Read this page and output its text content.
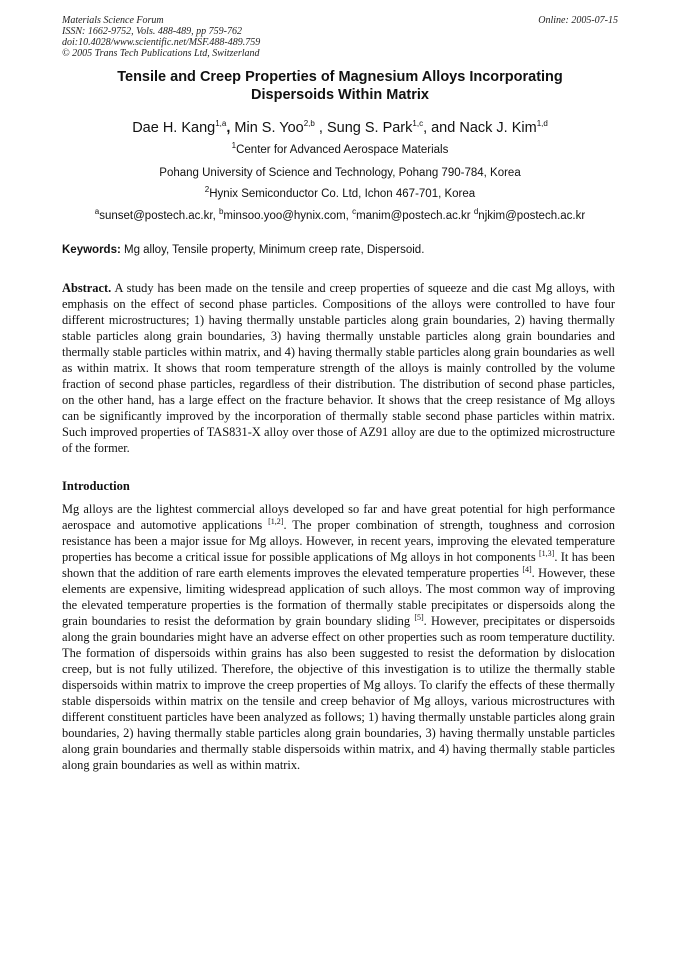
Materials Science Forum
ISSN: 1662-9752, Vols. 488-489, pp 759-762
doi:10.4028/www.scientific.net/MSF.488-489.759
© 2005 Trans Tech Publications Ltd, Switzerland
Online: 2005-07-15
Tensile and Creep Properties of Magnesium Alloys Incorporating
Dispersoids Within Matrix
Dae H. Kang$^{1,a}$, Min S. Yoo$^{2,b}$ , Sung S. Park$^{1,c}$, and Nack J. Kim$^{1,d}$
$^1$Center for Advanced Aerospace Materials
Pohang University of Science and Technology, Pohang 790-784, Korea
$^2$Hynix Semiconductor Co. Ltd, Ichon 467-701, Korea
$^a$sunset@postech.ac.kr, $^b$minsoo.yoo@hynix.com, $^c$manim@postech.ac.kr $^d$njkim@postech.ac.kr
Keywords: Mg alloy, Tensile property, Minimum creep rate, Dispersoid.
Abstract. A study has been made on the tensile and creep properties of squeeze and die cast Mg alloys, with emphasis on the effect of second phase particles. Compositions of the alloys were controlled to have four different microstructures; 1) having thermally unstable particles along grain boundaries, 2) having thermally stable particles along grain boundaries, 3) having thermally unstable particles along grain boundaries and thermally stable particles within matrix, and 4) having thermally stable particles along grain boundaries as well as within matrix. It shows that room temperature strength of the alloys is mainly controlled by the volume fraction of second phase particles, regardless of their distribution. The distribution of second phase particles, on the other hand, has a large effect on the fracture behavior. It shows that the creep resistance of Mg alloys can be significantly improved by the incorporation of thermally stable second phase particles within matrix. Such improved properties of TAS831-X alloy over those of AZ91 alloy are due to the optimized microstructure of the former.
Introduction
Mg alloys are the lightest commercial alloys developed so far and have great potential for high performance aerospace and automotive applications [1,2]. The proper combination of strength, toughness and corrosion resistance has been a major issue for Mg alloys. However, in recent years, improving the elevated temperature properties has become a critical issue for possible applications of Mg alloys in hot components [1,3]. It has been shown that the addition of rare earth elements improves the elevated temperature properties [4]. However, these elements are expensive, limiting widespread application of such alloys. The most common way of improving the elevated temperature properties is the formation of thermally stable precipitates or dispersoids along the grain boundaries to resist the deformation by grain boundary sliding [5]. However, precipitates or dispersoids along the grain boundaries might have an adverse effect on other properties such as room temperature ductility. The formation of dispersoids within grains has also been suggested to resist the deformation by dislocation creep, but is not fully utilized. Therefore, the objective of this investigation is to utilize the thermally stable dispersoids within matrix to improve the creep properties of Mg alloys. To clarify the effects of these thermally stable dispersoids within matrix on the tensile and creep behavior of Mg alloys, various microstructures with different constituent particles have been analyzed as follows; 1) having thermally unstable particles along grain boundaries, 2) having thermally stable particles along grain boundaries, 3) having thermally unstable particles along grain boundaries and thermally stable dispersoids within matrix, and 4) having thermally stable particles along grain boundaries as well as within matrix.
